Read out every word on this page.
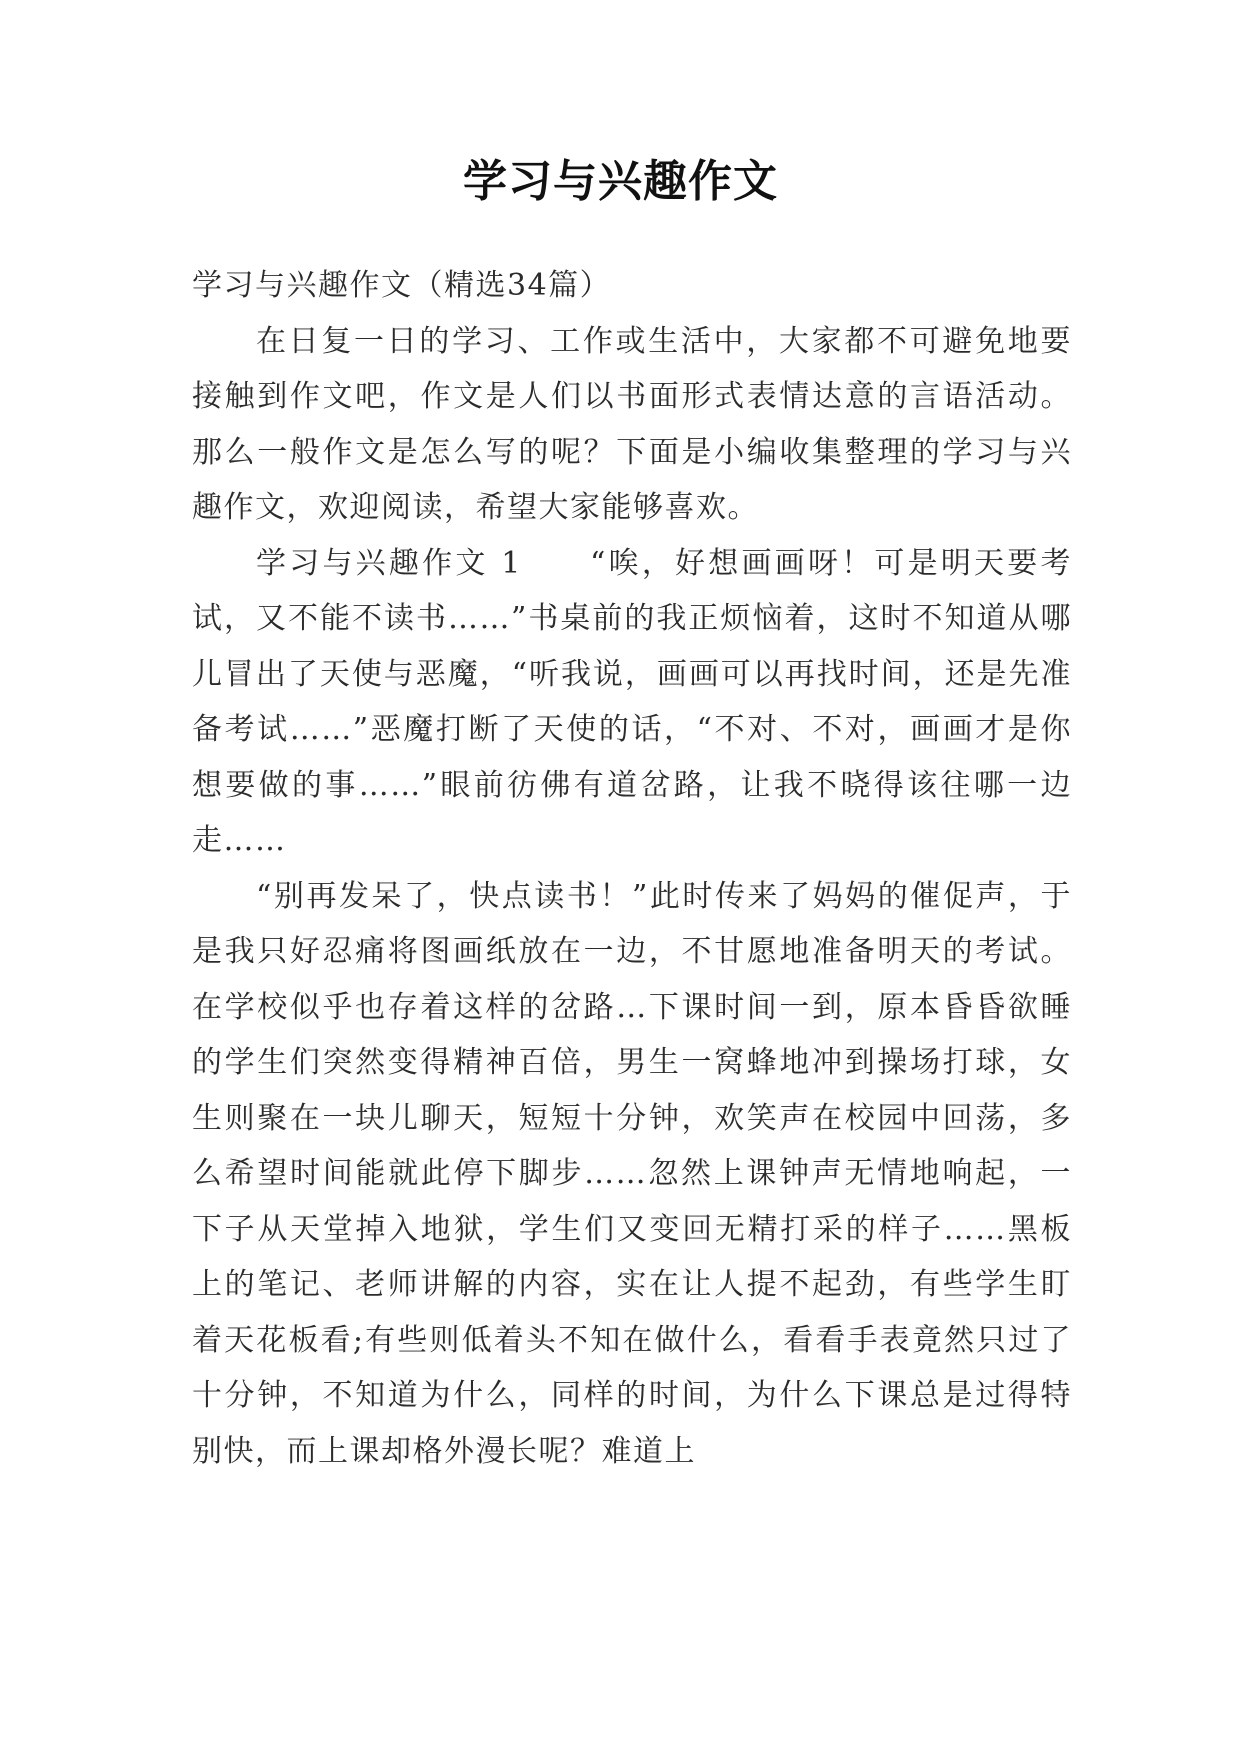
学习与兴趣作文

学习与兴趣作文（精选34篇）

在日复一日的学习、工作或生活中，大家都不可避免地要接触到作文吧，作文是人们以书面形式表情达意的言语活动。那么一般作文是怎么写的呢？下面是小编收集整理的学习与兴趣作文，欢迎阅读，希望大家能够喜欢。

学习与兴趣作文 1　　“唉，好想画画呀！可是明天要考试，又不能不读书……”书桌前的我正烦恼着，这时不知道从哪儿冒出了天使与恶魔，“听我说，画画可以再找时间，还是先准备考试……”恶魔打断了天使的话，“不对、不对，画画才是你想要做的事……”眼前彷佛有道岔路，让我不晓得该往哪一边走……

“别再发呆了，快点读书！”此时传来了妈妈的催促声，于是我只好忍痛将图画纸放在一边，不甘愿地准备明天的考试。在学校似乎也存着这样的岔路…下课时间一到，原本昏昏欲睡的学生们突然变得精神百倍，男生一窝蜂地冲到操场打球，女生则聚在一块儿聊天，短短十分钟，欢笑声在校园中回荡，多么希望时间能就此停下脚步……忽然上课钟声无情地响起，一下子从天堂掉入地狱，学生们又变回无精打采的样子……黑板上的笔记、老师讲解的内容，实在让人提不起劲，有些学生盯着天花板看;有些则低着头不知在做什么，看看手表竟然只过了十分钟，不知道为什么，同样的时间，为什么下课总是过得特别快，而上课却格外漫长呢？难道上
